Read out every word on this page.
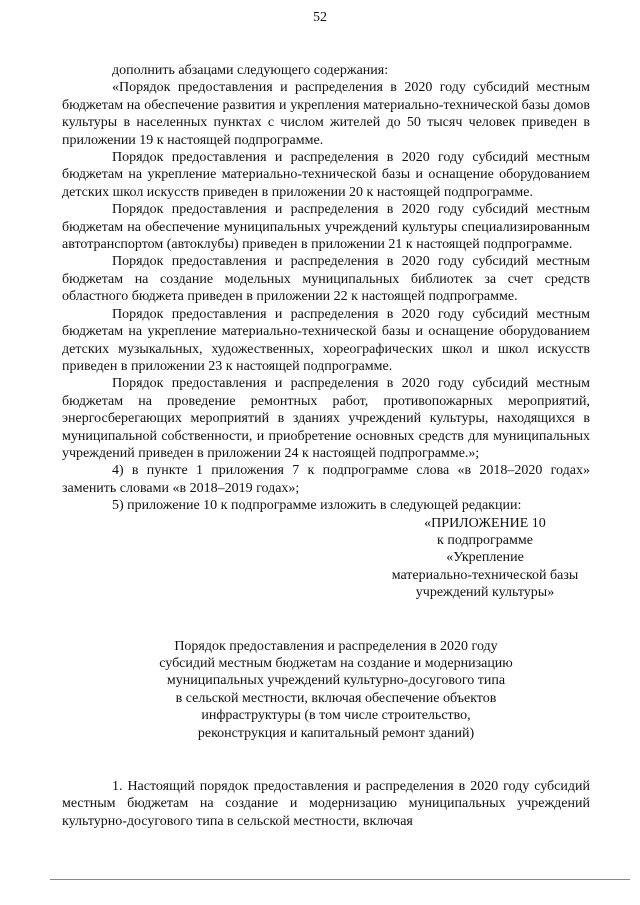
52

дополнить абзацами следующего содержания:

«Порядок предоставления и распределения в 2020 году субсидий местным бюджетам на обеспечение развития и укрепления материально-технической базы домов культуры в населенных пунктах с числом жителей до 50 тысяч человек приведен в приложении 19 к настоящей подпрограмме.

Порядок предоставления и распределения в 2020 году субсидий местным бюджетам на укрепление материально-технической базы и оснащение оборудованием детских школ искусств приведен в приложении 20 к настоящей подпрограмме.

Порядок предоставления и распределения в 2020 году субсидий местным бюджетам на обеспечение муниципальных учреждений культуры специализированным автотранспортом (автоклубы) приведен в приложении 21 к настоящей подпрограмме.

Порядок предоставления и распределения в 2020 году субсидий местным бюджетам на создание модельных муниципальных библиотек за счет средств областного бюджета приведен в приложении 22 к настоящей подпрограмме.

Порядок предоставления и распределения в 2020 году субсидий местным бюджетам на укрепление материально-технической базы и оснащение оборудованием детских музыкальных, художественных, хореографических школ и школ искусств приведен в приложении 23 к настоящей подпрограмме.

Порядок предоставления и распределения в 2020 году субсидий местным бюджетам на проведение ремонтных работ, противопожарных мероприятий, энергосберегающих мероприятий в зданиях учреждений культуры, находящихся в муниципальной собственности, и приобретение основных средств для муниципальных учреждений приведен в приложении 24 к настоящей подпрограмме.»;

4) в пункте 1 приложения 7 к подпрограмме слова «в 2018–2020 годах» заменить словами «в 2018–2019 годах»;

5) приложение 10 к подпрограмме изложить в следующей редакции:

«ПРИЛОЖЕНИЕ 10
к подпрограмме
«Укрепление
материально-технической базы
учреждений культуры»
Порядок предоставления и распределения в 2020 году
субсидий местным бюджетам на создание и модернизацию
муниципальных учреждений культурно-досугового типа
в сельской местности, включая обеспечение объектов
инфраструктуры (в том числе строительство,
реконструкция и капитальный ремонт зданий)

1. Настоящий порядок предоставления и распределения в 2020 году субсидий местным бюджетам на создание и модернизацию муниципальных учреждений культурно-досугового типа в сельской местности, включая
